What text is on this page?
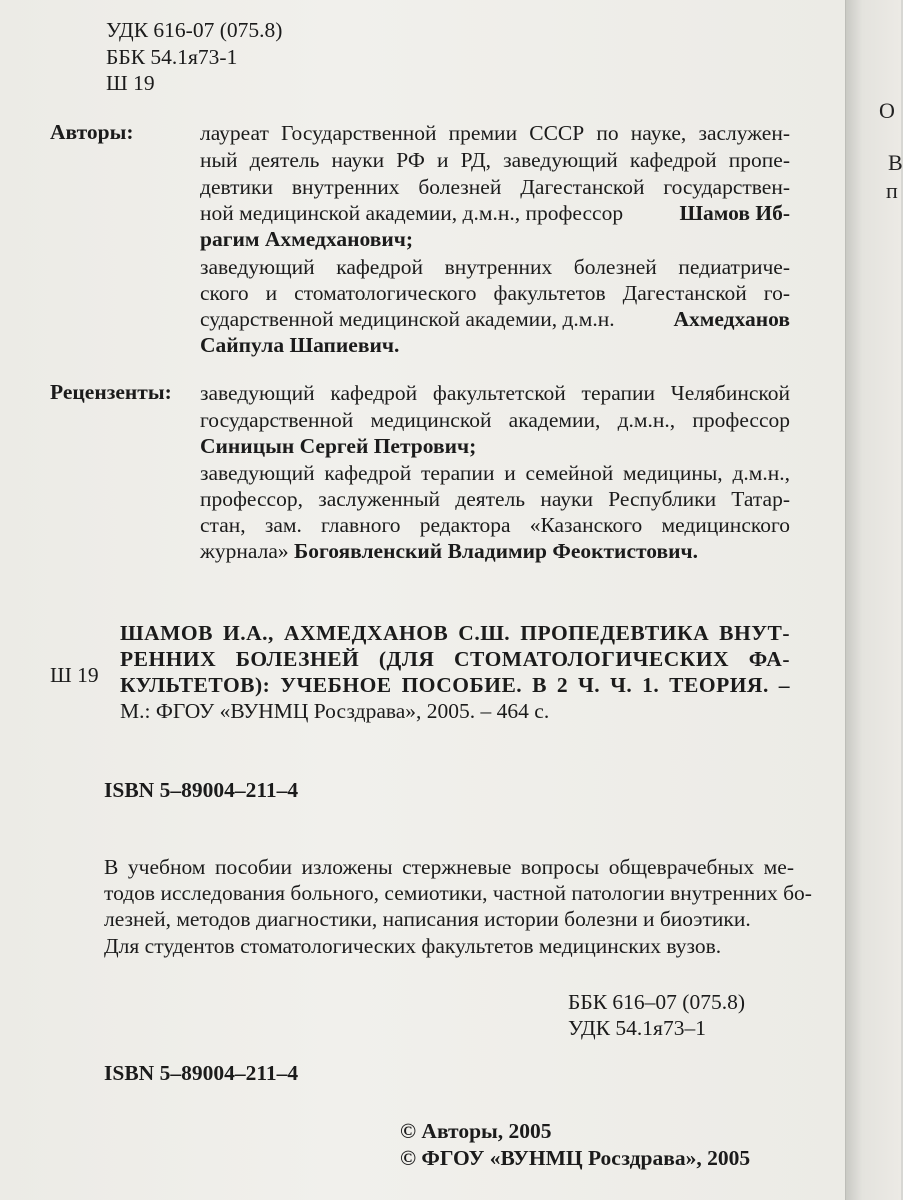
УДК 616-07 (075.8)
ББК 54.1я73-1
Ш 19
Авторы:	лауреат Государственной премии СССР по науке, заслужен-
ный деятель науки РФ и РД, заведующий кафедрой пропе-
девтики внутренних болезней Дагестанской государствен-
ной медицинской академии, д.м.н., профессор	Шамов Иб-
рагим Ахмедханович;
заведующий кафедрой внутренних болезней педиатриче-
ского и стоматологического факультетов Дагестанской го-
сударственной медицинской академии, д.м.н.	Ахмедханов
Сайпула Шапиевич.
Рецензенты: заведующий кафедрой факультетской терапии Челябинской
государственной медицинской академии, д.м.н., профессор
Синицын Сергей Петрович;
заведующий кафедрой терапии и семейной медицины, д.м.н.,
профессор, заслуженный деятель науки Республики Татар-
стан, зам. главного редактора «Казанского медицинского
журнала» Богоявленский Владимир Феоктистович.
Ш 19
ШАМОВ И.А., АХМЕДХАНОВ С.Ш. ПРОПЕДЕВТИКА ВНУТ-
РЕННИХ БОЛЕЗНЕЙ (ДЛЯ СТОМАТОЛОГИЧЕСКИХ ФА-
КУЛЬТЕТОВ): УЧЕБНОЕ ПОСОБИЕ. В 2 Ч. Ч. 1. ТЕОРИЯ. –
М.: ФГОУ «ВУНМЦ Росздрава», 2005. – 464 с.
ISBN 5–89004–211–4
В учебном пособии изложены стержневые вопросы общеврачебных ме-
тодов исследования больного, семиотики, частной патологии внутренних бо-
лезней, методов диагностики, написания истории болезни и биоэтики.
Для студентов стоматологических факультетов медицинских вузов.
ББК 616–07 (075.8)
УДК 54.1я73–1
ISBN 5–89004–211–4
© Авторы, 2005
© ФГОУ «ВУНМЦ Росздрава», 2005
О
В
п
